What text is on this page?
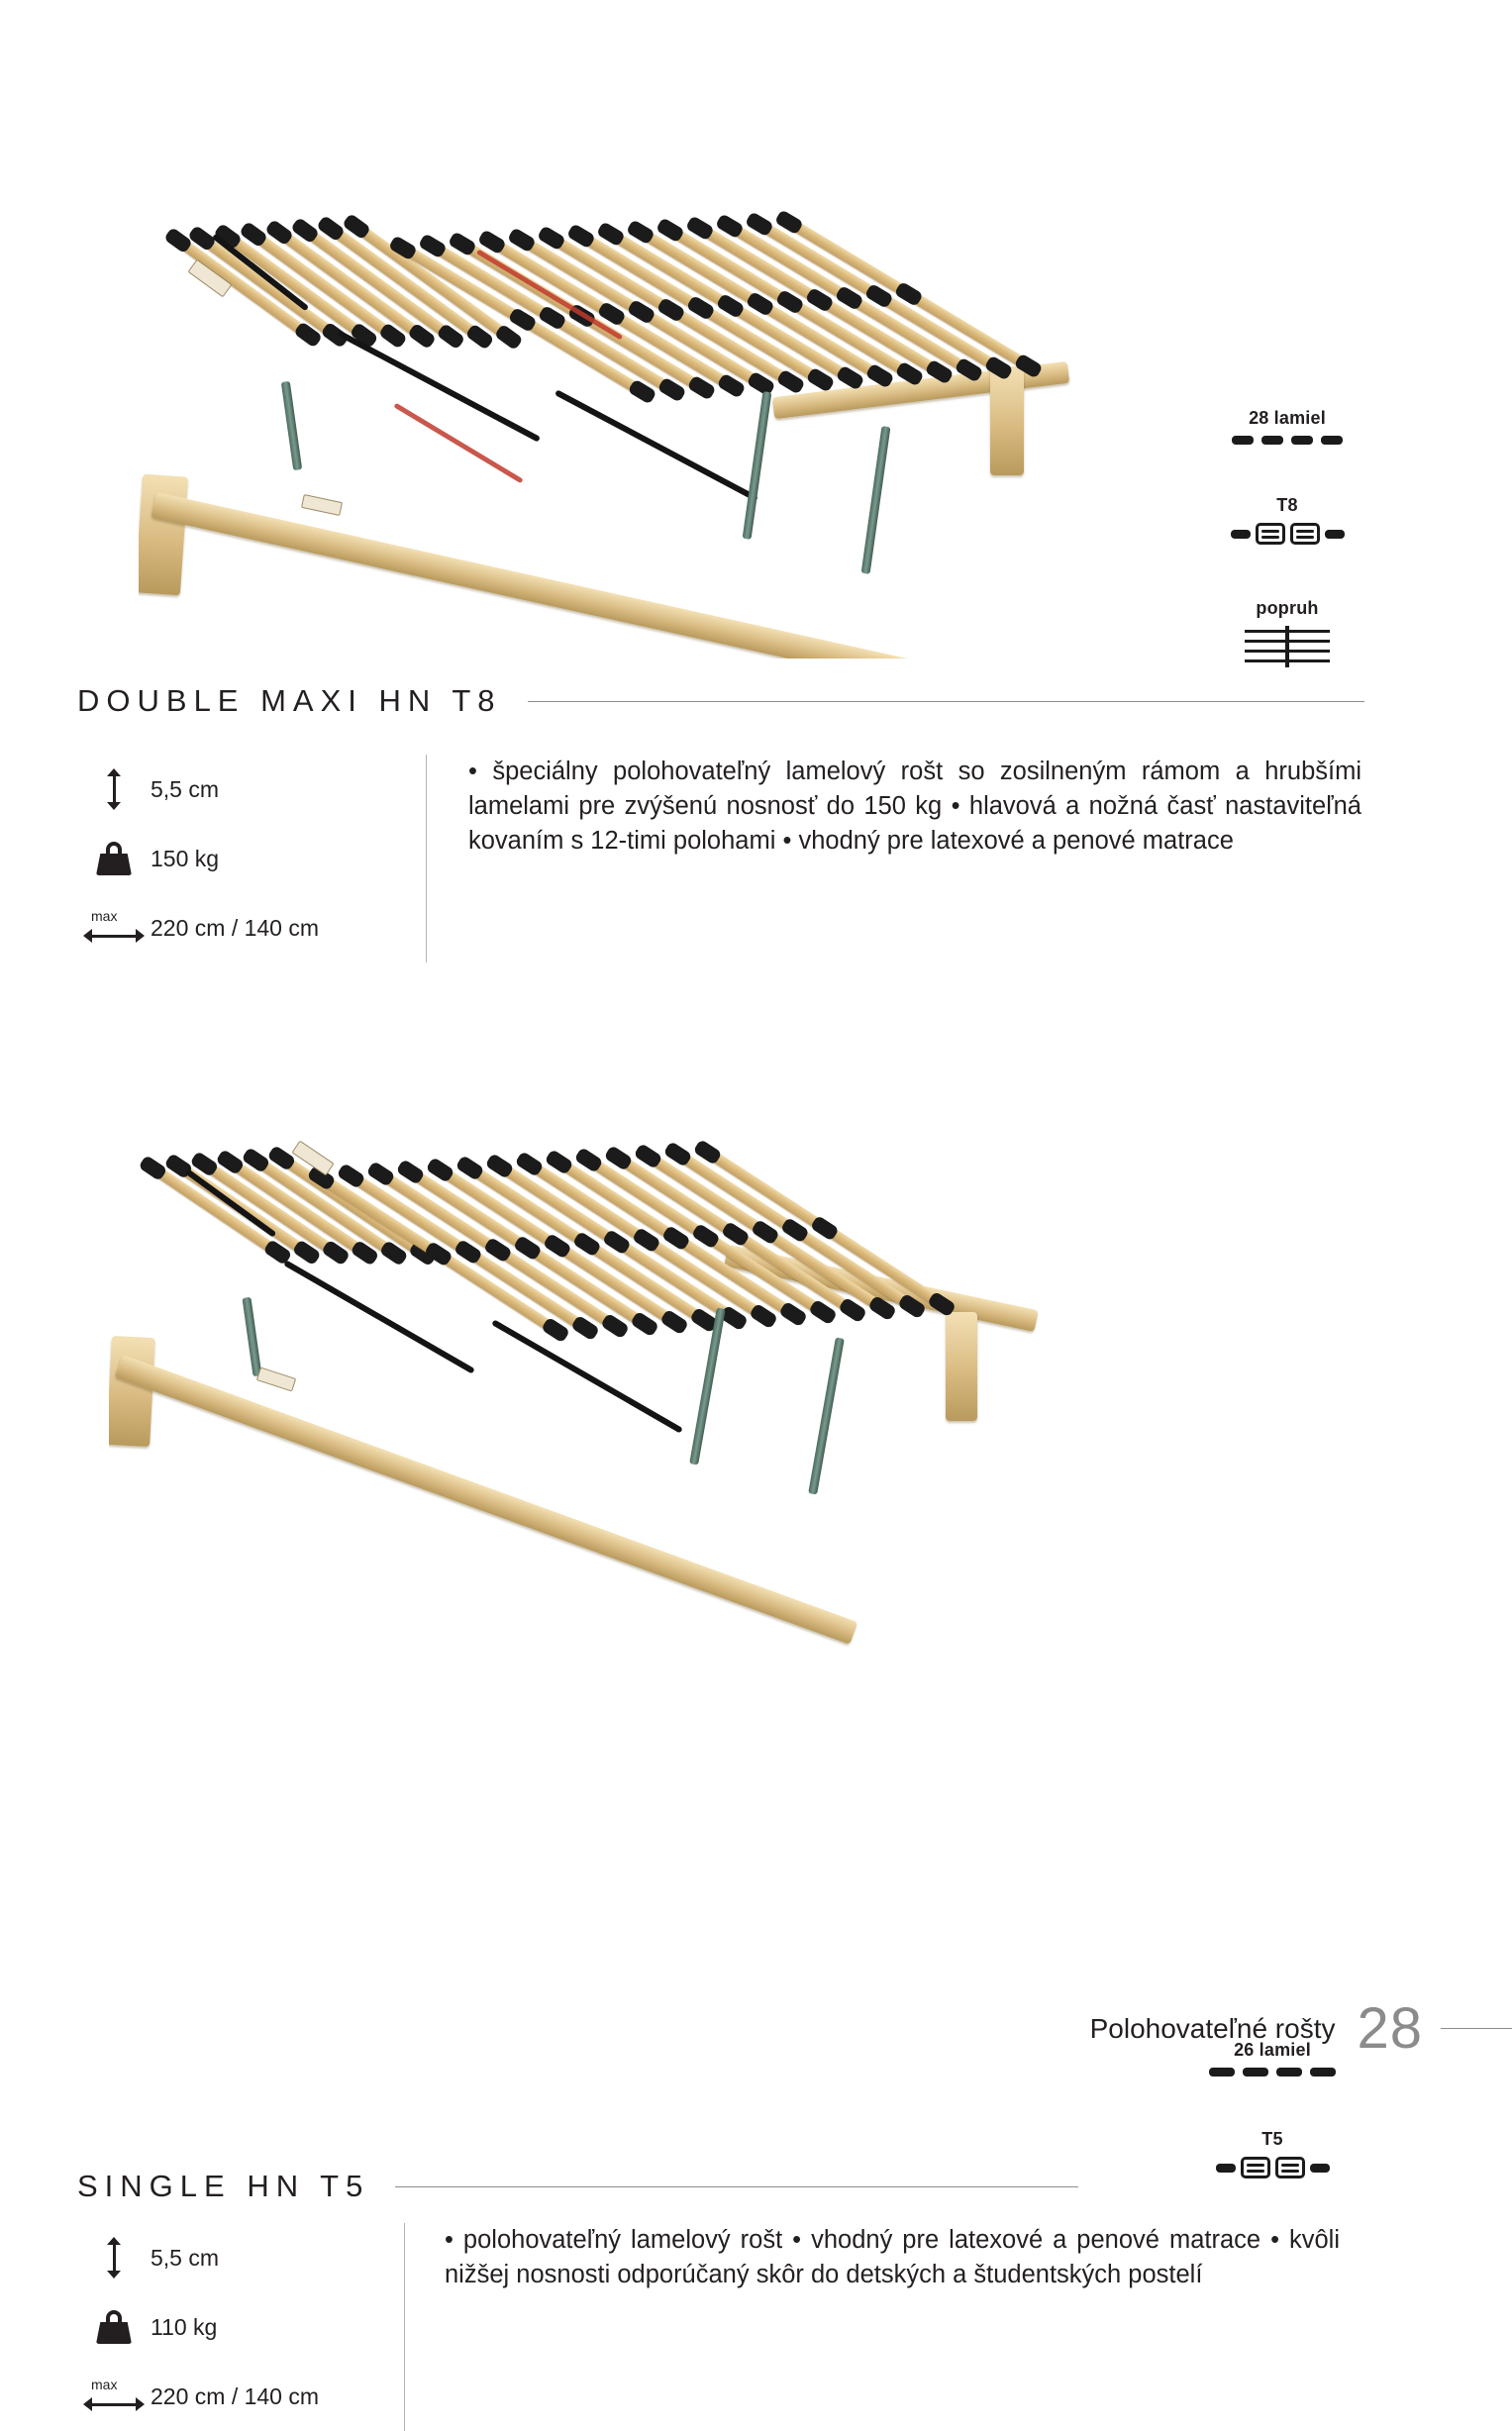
28 lamiel
T8
popruh
DOUBLE MAXI HN T8
5,5 cm
150 kg
max 220 cm / 140 cm
• špeciálny polohovateľný lamelový rošt so zosilneným rámom a hrubšími lamelami pre zvýšenú nosnosť do 150 kg • hlavová a nožná časť nastaviteľná kovaním s 12-timi polohami • vhodný pre latexové a penové matrace
26 lamiel
T5
SINGLE HN T5
5,5 cm
110 kg
max 220 cm / 140 cm
• polohovateľný lamelový rošt • vhodný pre latexové a penové matrace • kvôli nižšej nosnosti odporúčaný skôr do detských a študentských postelí
Polohovateľné rošty 28
